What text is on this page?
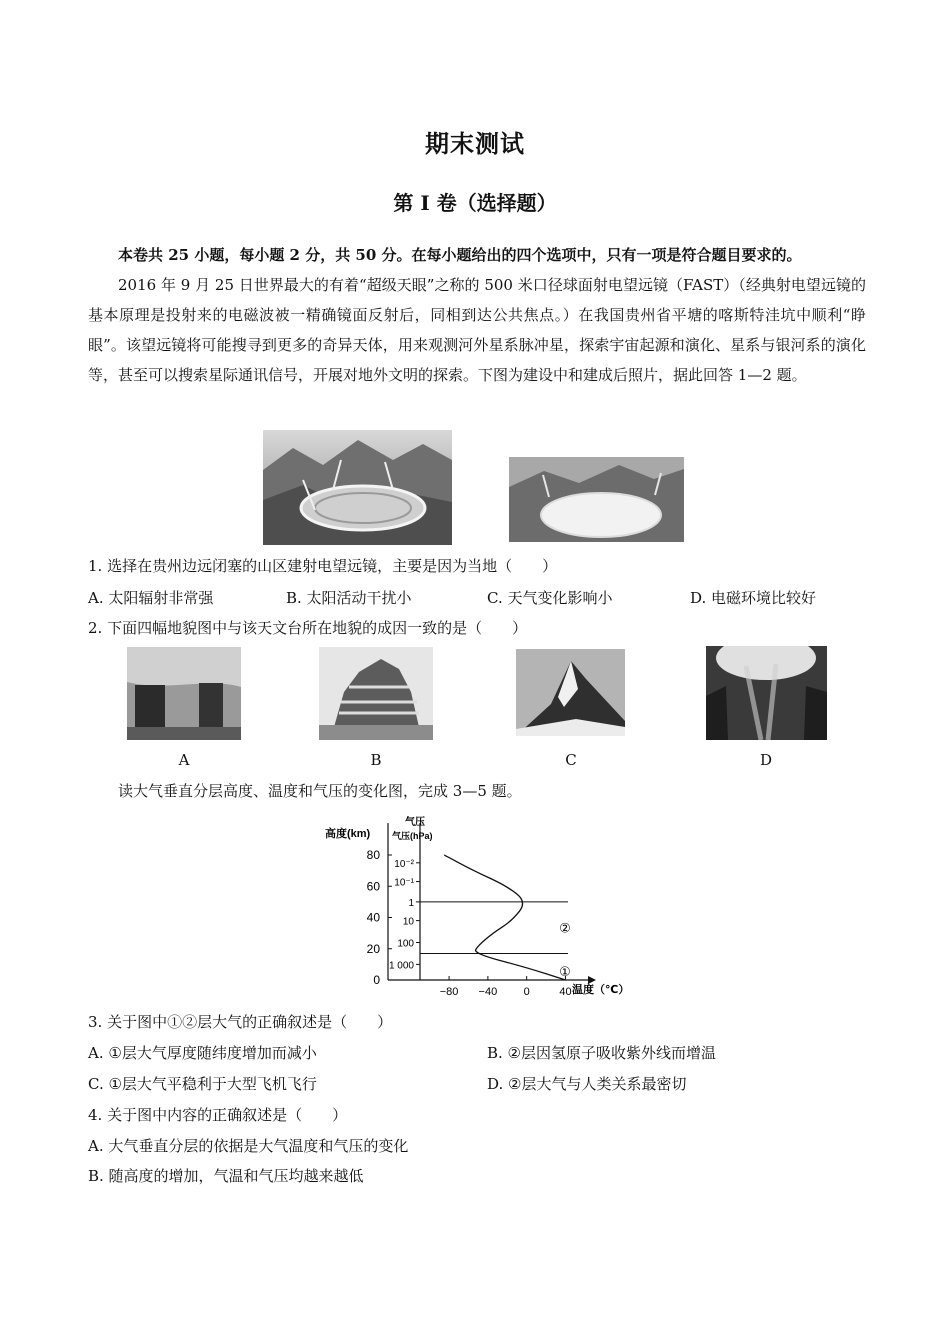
期末测试
第 I 卷（选择题）
本卷共 25 小题，每小题 2 分，共 50 分。在每小题给出的四个选项中，只有一项是符合题目要求的。
2016 年 9 月 25 日世界最大的有着“超级天眼”之称的 500 米口径球面射电望远镜（FAST）（经典射电望远镜的基本原理是投射来的电磁波被一精确镜面反射后，同相到达公共焦点。）在我国贵州省平塘的喀斯特洼坑中顺利“睁眼”。该望远镜将可能搜寻到更多的奇异天体，用来观测河外星系脉冲星，探索宇宙起源和演化、星系与银河系的演化等，甚至可以搜索星际通讯信号，开展对地外文明的探索。下图为建设中和建成后照片，据此回答 1—2 题。
1. 选择在贵州边远闭塞的山区建射电望远镜，主要是因为当地（　　）
A. 太阳辐射非常强	B. 太阳活动干扰小	C. 天气变化影响小	D. 电磁环境比较好
2. 下面四幅地貌图中与该天文台所在地貌的成因一致的是（　　）
A	B	C	D
读大气垂直分层高度、温度和气压的变化图，完成 3—5 题。
高度(km)
气压
气压(hPa)
温度（℃）
0
20
40
60
80
10⁻²
10⁻¹
1
10
100
1 000
−80 −40 0	40
①
②
3. 关于图中①②层大气的正确叙述是（　　）
A. ①层大气厚度随纬度增加而减小	B. ②层因氢原子吸收紫外线而增温
C. ①层大气平稳利于大型飞机飞行	D. ②层大气与人类关系最密切
4. 关于图中内容的正确叙述是（　　）
A. 大气垂直分层的依据是大气温度和气压的变化
B. 随高度的增加，气温和气压均越来越低
